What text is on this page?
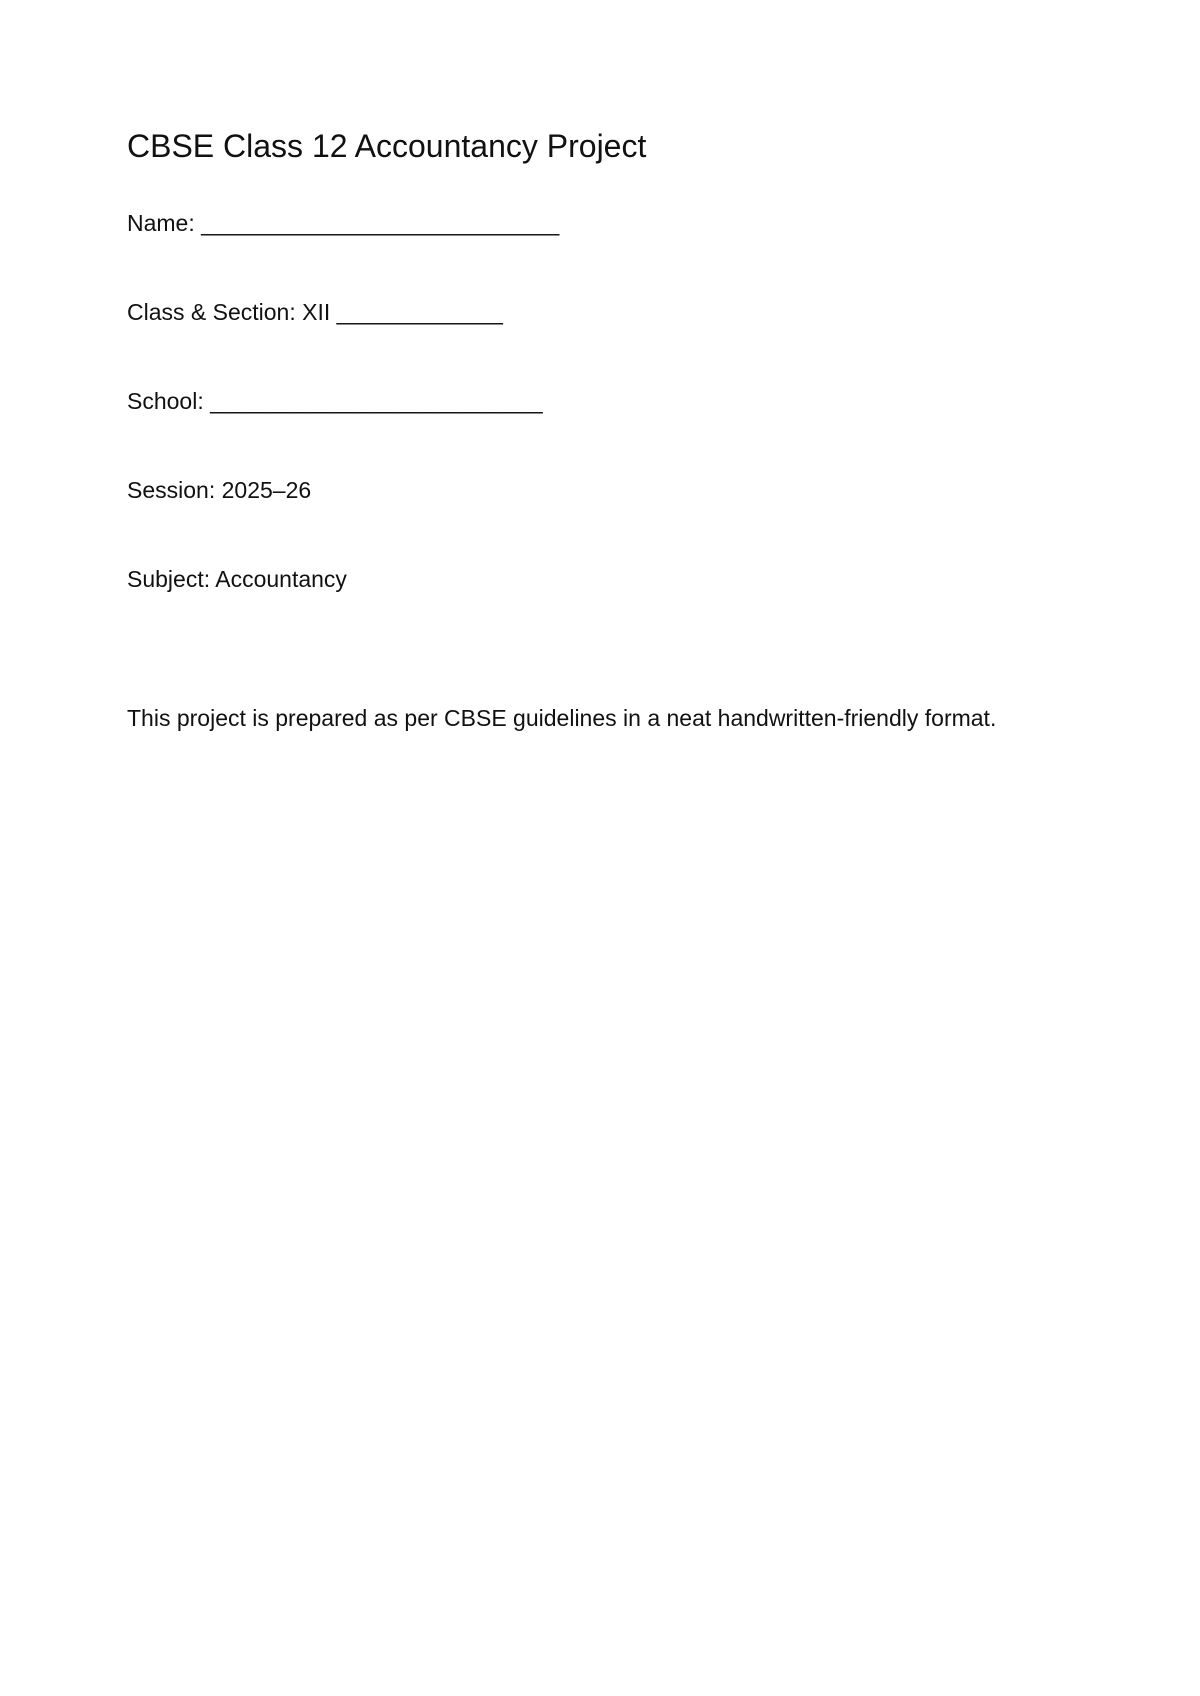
CBSE Class 12 Accountancy Project

Name: ____________________________

Class & Section: XII _____________

School: __________________________

Session: 2025–26

Subject: Accountancy

This project is prepared as per CBSE guidelines in a neat handwritten-friendly format.
